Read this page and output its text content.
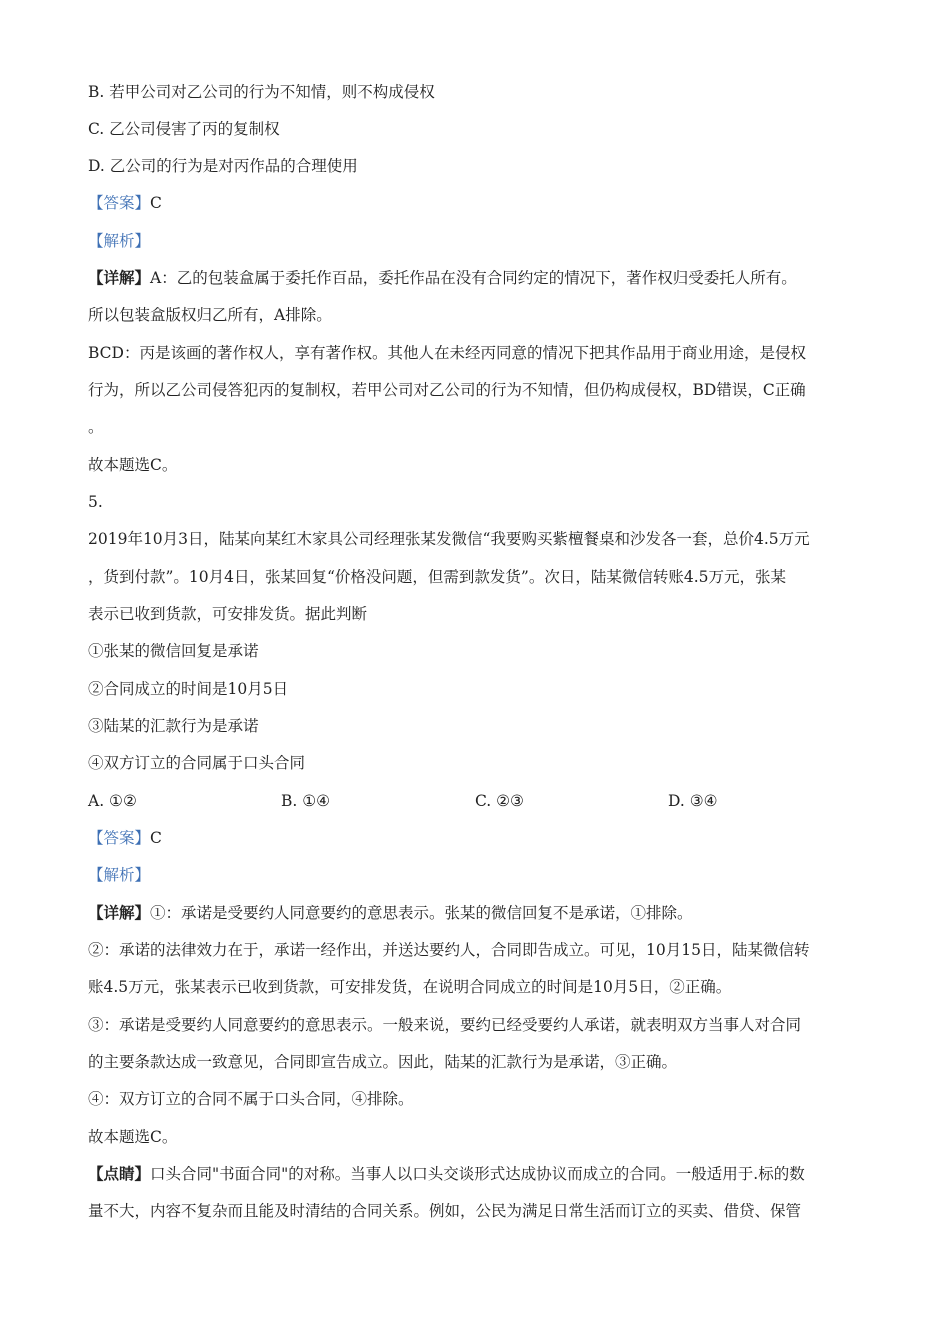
B. 若甲公司对乙公司的行为不知情，则不构成侵权
C. 乙公司侵害了丙的复制权
D. 乙公司的行为是对丙作品的合理使用
【答案】C
【解析】
【详解】A：乙的包装盒属于委托作百品，委托作品在没有合同约定的情况下，著作权归受委托人所有。
所以包装盒版权归乙所有，A排除。
BCD：丙是该画的著作权人，享有著作权。其他人在未经丙同意的情况下把其作品用于商业用途，是侵权
行为，所以乙公司侵答犯丙的复制权，若甲公司对乙公司的行为不知情，但仍构成侵权，BD错误，C正确
。
故本题选C。
5.
2019年10月3日，陆某向某红木家具公司经理张某发微信“我要购买紫檀餐桌和沙发各一套，总价4.5万元
，货到付款”。10月4日，张某回复“价格没问题，但需到款发货”。次日，陆某微信转账4.5万元，张某
表示已收到货款，可安排发货。据此判断
①张某的微信回复是承诺
②合同成立的时间是10月5日
③陆某的汇款行为是承诺
④双方订立的合同属于口头合同
A. ①②	B. ①④	C. ②③	D. ③④
【答案】C
【解析】
【详解】①：承诺是受要约人同意要约的意思表示。张某的微信回复不是承诺，①排除。
②：承诺的法律效力在于，承诺一经作出，并送达要约人，合同即告成立。可见，10月15日，陆某微信转
账4.5万元，张某表示已收到货款，可安排发货，在说明合同成立的时间是10月5日，②正确。
③：承诺是受要约人同意要约的意思表示。一般来说，要约已经受要约人承诺，就表明双方当事人对合同
的主要条款达成一致意见，合同即宣告成立。因此，陆某的汇款行为是承诺，③正确。
④：双方订立的合同不属于口头合同，④排除。
故本题选C。
【点睛】口头合同"书面合同"的对称。当事人以口头交谈形式达成协议而成立的合同。一般适用于.标的数
量不大，内容不复杂而且能及时清结的合同关系。例如，公民为满足日常生活而订立的买卖、借贷、保管
